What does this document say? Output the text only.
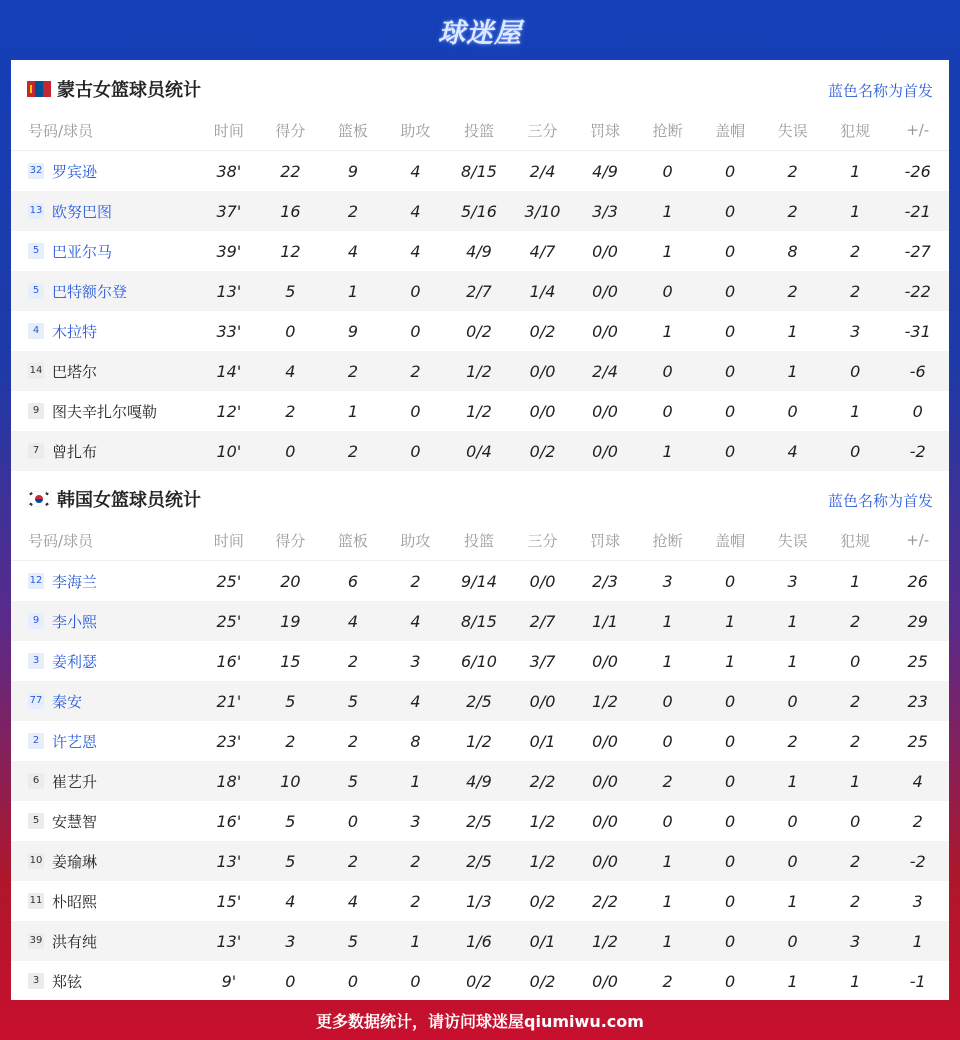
球迷屋
蒙古女篮球员统计	蓝色名称为首发
号码/球员	时间	得分	篮板	助攻	投篮	三分	罚球	抢断	盖帽	失误	犯规	+/-
32 罗宾逊	38'	22	9	4	8/15	2/4	4/9	0	0	2	1	-26
13 欧努巴图	37'	16	2	4	5/16	3/10	3/3	1	0	2	1	-21
5 巴亚尔马	39'	12	4	4	4/9	4/7	0/0	1	0	8	2	-27
5 巴特额尔登	13'	5	1	0	2/7	1/4	0/0	0	0	2	2	-22
4 木拉特	33'	0	9	0	0/2	0/2	0/0	1	0	1	3	-31
14 巴塔尔	14'	4	2	2	1/2	0/0	2/4	0	0	1	0	-6
9 图夫辛扎尔嘎勒	12'	2	1	0	1/2	0/0	0/0	0	0	0	1	0
7 曾扎布	10'	0	2	0	0/4	0/2	0/0	1	0	4	0	-2
韩国女篮球员统计	蓝色名称为首发
号码/球员	时间	得分	篮板	助攻	投篮	三分	罚球	抢断	盖帽	失误	犯规	+/-
12 李海兰	25'	20	6	2	9/14	0/0	2/3	3	0	3	1	26
9 李小熙	25'	19	4	4	8/15	2/7	1/1	1	1	1	2	29
3 姜利瑟	16'	15	2	3	6/10	3/7	0/0	1	1	1	0	25
77 秦安	21'	5	5	4	2/5	0/0	1/2	0	0	0	2	23
2 许艺恩	23'	2	2	8	1/2	0/1	0/0	0	0	2	2	25
6 崔艺升	18'	10	5	1	4/9	2/2	0/0	2	0	1	1	4
5 安慧智	16'	5	0	3	2/5	1/2	0/0	0	0	0	0	2
10 姜瑜琳	13'	5	2	2	2/5	1/2	0/0	1	0	0	2	-2
11 朴昭熙	15'	4	4	2	1/3	0/2	2/2	1	0	1	2	3
39 洪有纯	13'	3	5	1	1/6	0/1	1/2	1	0	0	3	1
3 郑铉	9'	0	0	0	0/2	0/2	0/0	2	0	1	1	-1
更多数据统计，请访问球迷屋qiumiwu.com
